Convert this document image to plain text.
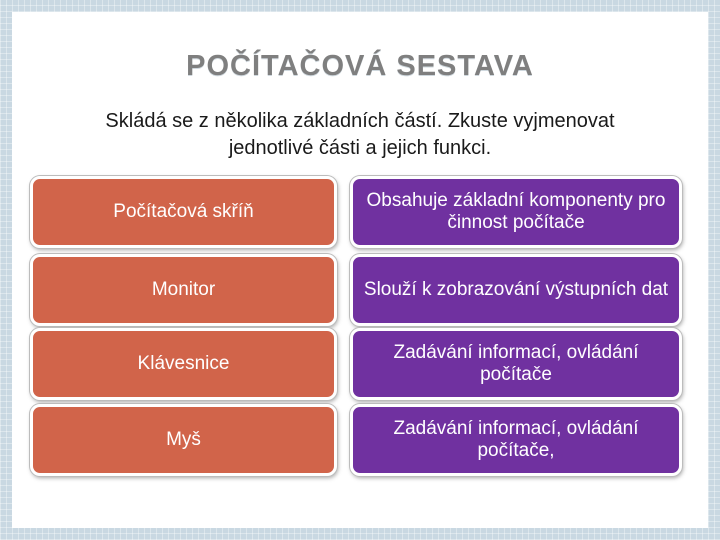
POČÍTAČOVÁ SESTAVA
Skládá se z několika základních částí. Zkuste vyjmenovat
jednotlivé části a jejich funkci.
Počítačová skříň
Obsahuje základní komponenty pro činnost počítače
Monitor	Slouží k zobrazování výstupních dat
Klávesnice
Zadávání informací, ovládání počítače
Myš
Zadávání informací, ovládání počítače,
